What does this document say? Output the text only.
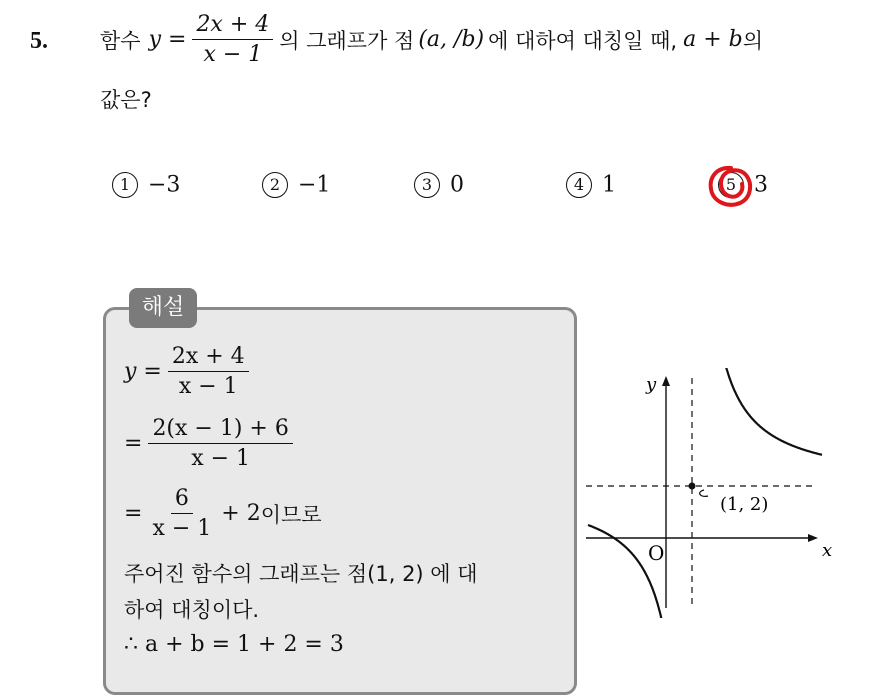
5. 함수 $y = \frac{2x + 4}{x - 1}$ 의 그래프가 점 (a, /b) 에 대하여 대칭일 때, a + b 의
값은?
1 −3	2 −1	3 0	4 1	5 3
해설
$y = \frac{2x + 4}{x - 1}$
= $\frac{2(x - 1) + 6}{x - 1}$
= $\frac{6}{x - 1} + 2$ 이므로
주어진 함수의 그래프는 점(1, 2) 에 대
하여 대칭이다.
∴ a + b = 1 + 2 = 3
(1, 2)
x
y
O
